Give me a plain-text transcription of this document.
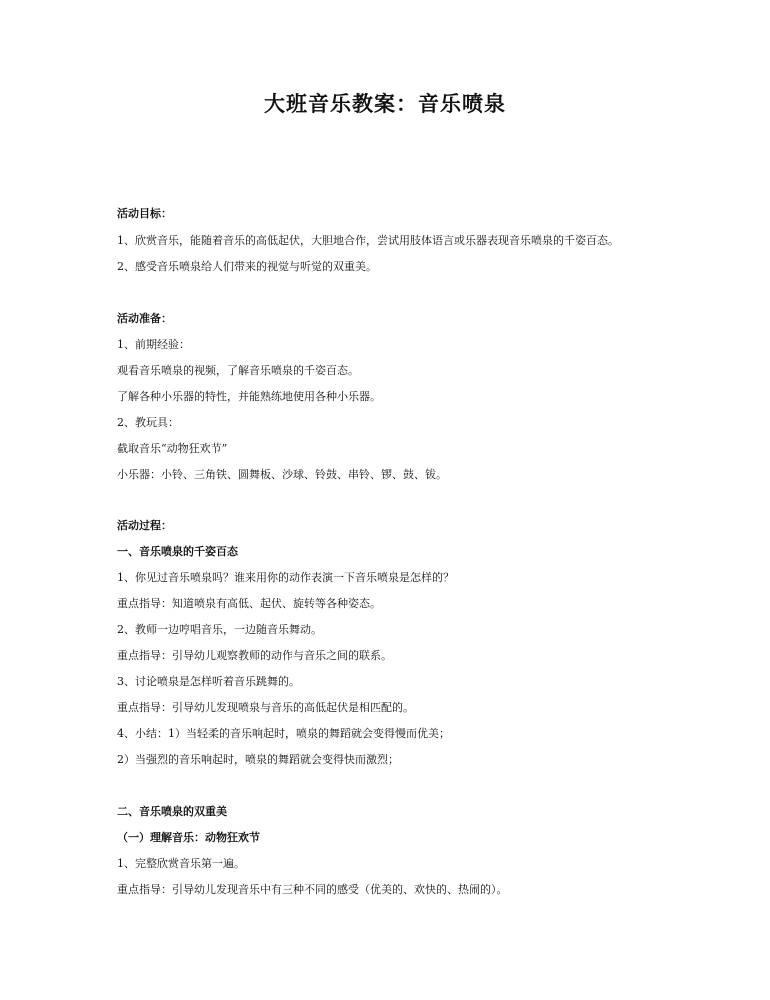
大班音乐教案：音乐喷泉

活动目标：

1、欣赏音乐，能随着音乐的高低起伏，大胆地合作，尝试用肢体语言或乐器表现音乐喷泉的千姿百态。

2、感受音乐喷泉给人们带来的视觉与听觉的双重美。

活动准备：

1、前期经验：

观看音乐喷泉的视频，了解音乐喷泉的千姿百态。

了解各种小乐器的特性，并能熟练地使用各种小乐器。

2、教玩具：

截取音乐“动物狂欢节”

小乐器：小铃、三角铁、圆舞板、沙球、铃鼓、串铃、锣、鼓、钹。

活动过程：

一、音乐喷泉的千姿百态

1、你见过音乐喷泉吗？谁来用你的动作表演一下音乐喷泉是怎样的？

重点指导：知道喷泉有高低、起伏、旋转等各种姿态。

2、教师一边哼唱音乐，一边随音乐舞动。

重点指导：引导幼儿观察教师的动作与音乐之间的联系。

3、讨论喷泉是怎样听着音乐跳舞的。

重点指导：引导幼儿发现喷泉与音乐的高低起伏是相匹配的。

4、小结：1）当轻柔的音乐响起时，喷泉的舞蹈就会变得慢而优美；

2）当强烈的音乐响起时，喷泉的舞蹈就会变得快而激烈；

二、音乐喷泉的双重美

（一）理解音乐：动物狂欢节

1、完整欣赏音乐第一遍。

重点指导：引导幼儿发现音乐中有三种不同的感受（优美的、欢快的、热闹的）。
